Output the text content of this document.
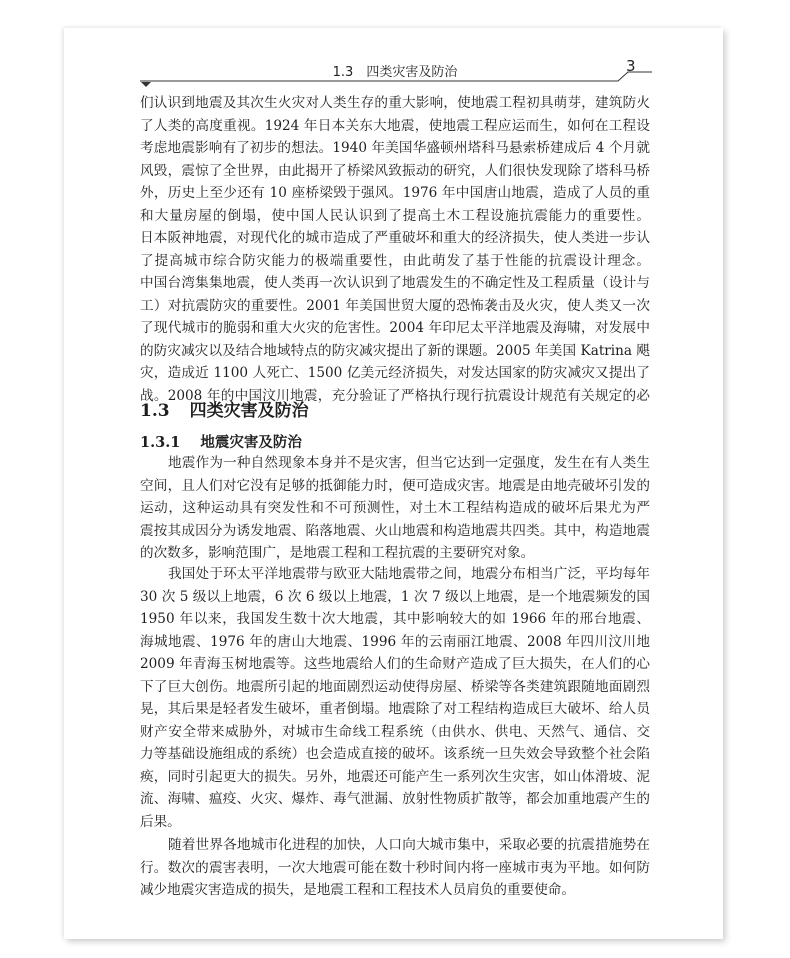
1.3　四类灾害及防治	3
1.3 四类灾害及防治
1.3.1 地震灾害及防治
们认识到地震及其次生火灾对人类生存的重大影响，使地震工程初具萌芽，建筑防火
了人类的高度重视。1924 年日本关东大地震，使地震工程应运而生，如何在工程设
考虑地震影响有了初步的想法。1940 年美国华盛顿州塔科马悬索桥建成后 4 个月就
风毁，震惊了全世界，由此揭开了桥梁风致振动的研究，人们很快发现除了塔科马桥
外，历史上至少还有 10 座桥梁毁于强风。1976 年中国唐山地震，造成了人员的重
和大量房屋的倒塌，使中国人民认识到了提高土木工程设施抗震能力的重要性。
日本阪神地震，对现代化的城市造成了严重破坏和重大的经济损失，使人类进一步认
了提高城市综合防灾能力的极端重要性，由此萌发了基于性能的抗震设计理念。
中国台湾集集地震，使人类再一次认识到了地震发生的不确定性及工程质量（设计与
工）对抗震防灾的重要性。2001 年美国世贸大厦的恐怖袭击及火灾，使人类又一次
了现代城市的脆弱和重大火灾的危害性。2004 年印尼太平洋地震及海啸，对发展中
的防灾减灾以及结合地域特点的防灾减灾提出了新的课题。2005 年美国 Katrina 飓
灾，造成近 1100 人死亡、1500 亿美元经济损失，对发达国家的防灾减灾又提出了
战。2008 年的中国汶川地震，充分验证了严格执行现行抗震设计规范有关规定的必
地震作为一种自然现象本身并不是灾害，但当它达到一定强度，发生在有人类生
空间，且人们对它没有足够的抵御能力时，便可造成灾害。地震是由地壳破坏引发的
运动，这种运动具有突发性和不可预测性，对土木工程结构造成的破坏后果尤为严
震按其成因分为诱发地震、陷落地震、火山地震和构造地震共四类。其中，构造地震
的次数多，影响范围广，是地震工程和工程抗震的主要研究对象。
我国处于环太平洋地震带与欧亚大陆地震带之间，地震分布相当广泛，平均每年
30 次 5 级以上地震，6 次 6 级以上地震，1 次 7 级以上地震，是一个地震频发的国
1950 年以来，我国发生数十次大地震，其中影响较大的如 1966 年的邢台地震、
海城地震、1976 年的唐山大地震、1996 年的云南丽江地震、2008 年四川汶川地
2009 年青海玉树地震等。这些地震给人们的生命财产造成了巨大损失，在人们的心
下了巨大创伤。地震所引起的地面剧烈运动使得房屋、桥梁等各类建筑跟随地面剧烈
晃，其后果是轻者发生破坏，重者倒塌。地震除了对工程结构造成巨大破坏、给人员
财产安全带来威胁外，对城市生命线工程系统（由供水、供电、天然气、通信、交
力等基础设施组成的系统）也会造成直接的破坏。该系统一旦失效会导致整个社会陷
痪，同时引起更大的损失。另外，地震还可能产生一系列次生灾害，如山体滑坡、泥
流、海啸、瘟疫、火灾、爆炸、毒气泄漏、放射性物质扩散等，都会加重地震产生的
后果。
随着世界各地城市化进程的加快，人口向大城市集中，采取必要的抗震措施势在
行。数次的震害表明，一次大地震可能在数十秒时间内将一座城市夷为平地。如何防
减少地震灾害造成的损失，是地震工程和工程技术人员肩负的重要使命。
